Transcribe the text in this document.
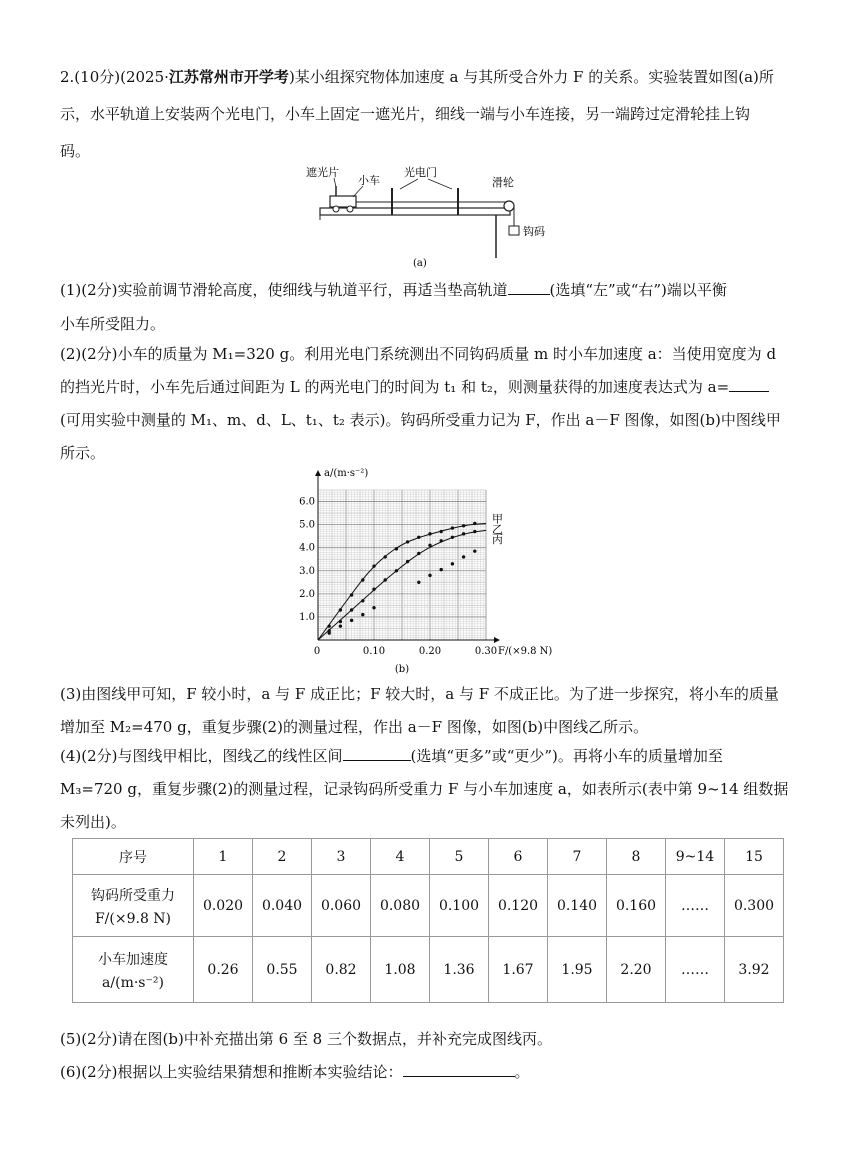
2.(10分)(2025·江苏常州市开学考)某小组探究物体加速度 a 与其所受合外力 F 的关系。实验装置如图(a)所
示，水平轨道上安装两个光电门，小车上固定一遮光片，细线一端与小车连接，另一端跨过定滑轮挂上钩
码。
遮光片
小车
光电门
滑轮
钩码
(a)
(1)(2分)实验前调节滑轮高度，使细线与轨道平行，再适当垫高轨道	(选填“左”或“右”)端以平衡
小车所受阻力。
(2)(2分)小车的质量为 M₁=320 g。利用光电门系统测出不同钩码质量 m 时小车加速度 a：当使用宽度为 d
的挡光片时，小车先后通过间距为 L 的两光电门的时间为 t₁ 和 t₂，则测量获得的加速度表达式为 a=
(可用实验中测量的 M₁、m、d、L、t₁、t₂ 表示)。钩码所受重力记为 F，作出 a－F 图像，如图(b)中图线甲
所示。
0.10	0.20	0.30
1.0
2.0
3.0
4.0
5.0
6.0
0
a/(m·s⁻²)
F/(×9.8 N)
(b)
甲
乙
丙
(3)由图线甲可知，F 较小时，a 与 F 成正比；F 较大时，a 与 F 不成正比。为了进一步探究，将小车的质量
增加至 M₂=470 g，重复步骤(2)的测量过程，作出 a－F 图像，如图(b)中图线乙所示。
(4)(2分)与图线甲相比，图线乙的线性区间	(选填“更多”或“更少”)。再将小车的质量增加至
M₃=720 g，重复步骤(2)的测量过程，记录钩码所受重力 F 与小车加速度 a，如表所示(表中第 9~14 组数据
未列出)。
序号	1	2	3	4	5	6	7	8	9~14	15

钩码所受重力
F/(×9.8 N)	0.020	0.040	0.060	0.080	0.100	0.120	0.140	0.160	……	0.300

小车加速度
a/(m·s⁻²)	0.26	0.55	0.82	1.08	1.36	1.67	1.95	2.20	……	3.92
(5)(2分)请在图(b)中补充描出第 6 至 8 三个数据点，并补充完成图线丙。
(6)(2分)根据以上实验结果猜想和推断本实验结论：	。
